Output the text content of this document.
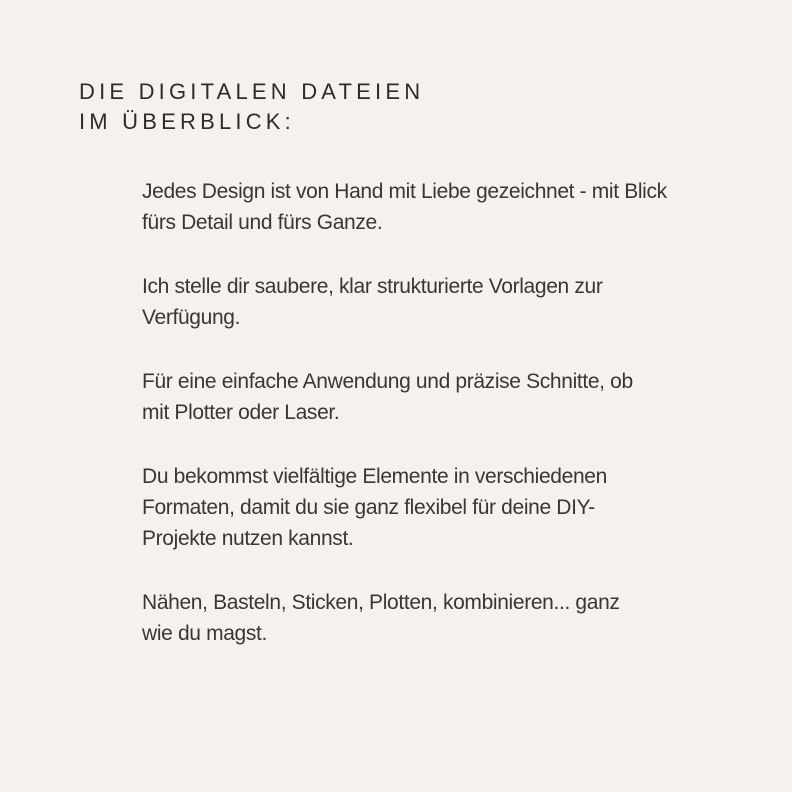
DIE DIGITALEN DATEIEN
IM ÜBERBLICK:

Jedes Design ist von Hand mit Liebe gezeichnet - mit Blick
fürs Detail und fürs Ganze.

Ich stelle dir saubere, klar strukturierte Vorlagen zur
Verfügung.

Für eine einfache Anwendung und präzise Schnitte, ob
mit Plotter oder Laser.

Du bekommst vielfältige Elemente in verschiedenen
Formaten, damit du sie ganz flexibel für deine DIY-
Projekte nutzen kannst.

Nähen, Basteln, Sticken, Plotten, kombinieren... ganz
wie du magst.
